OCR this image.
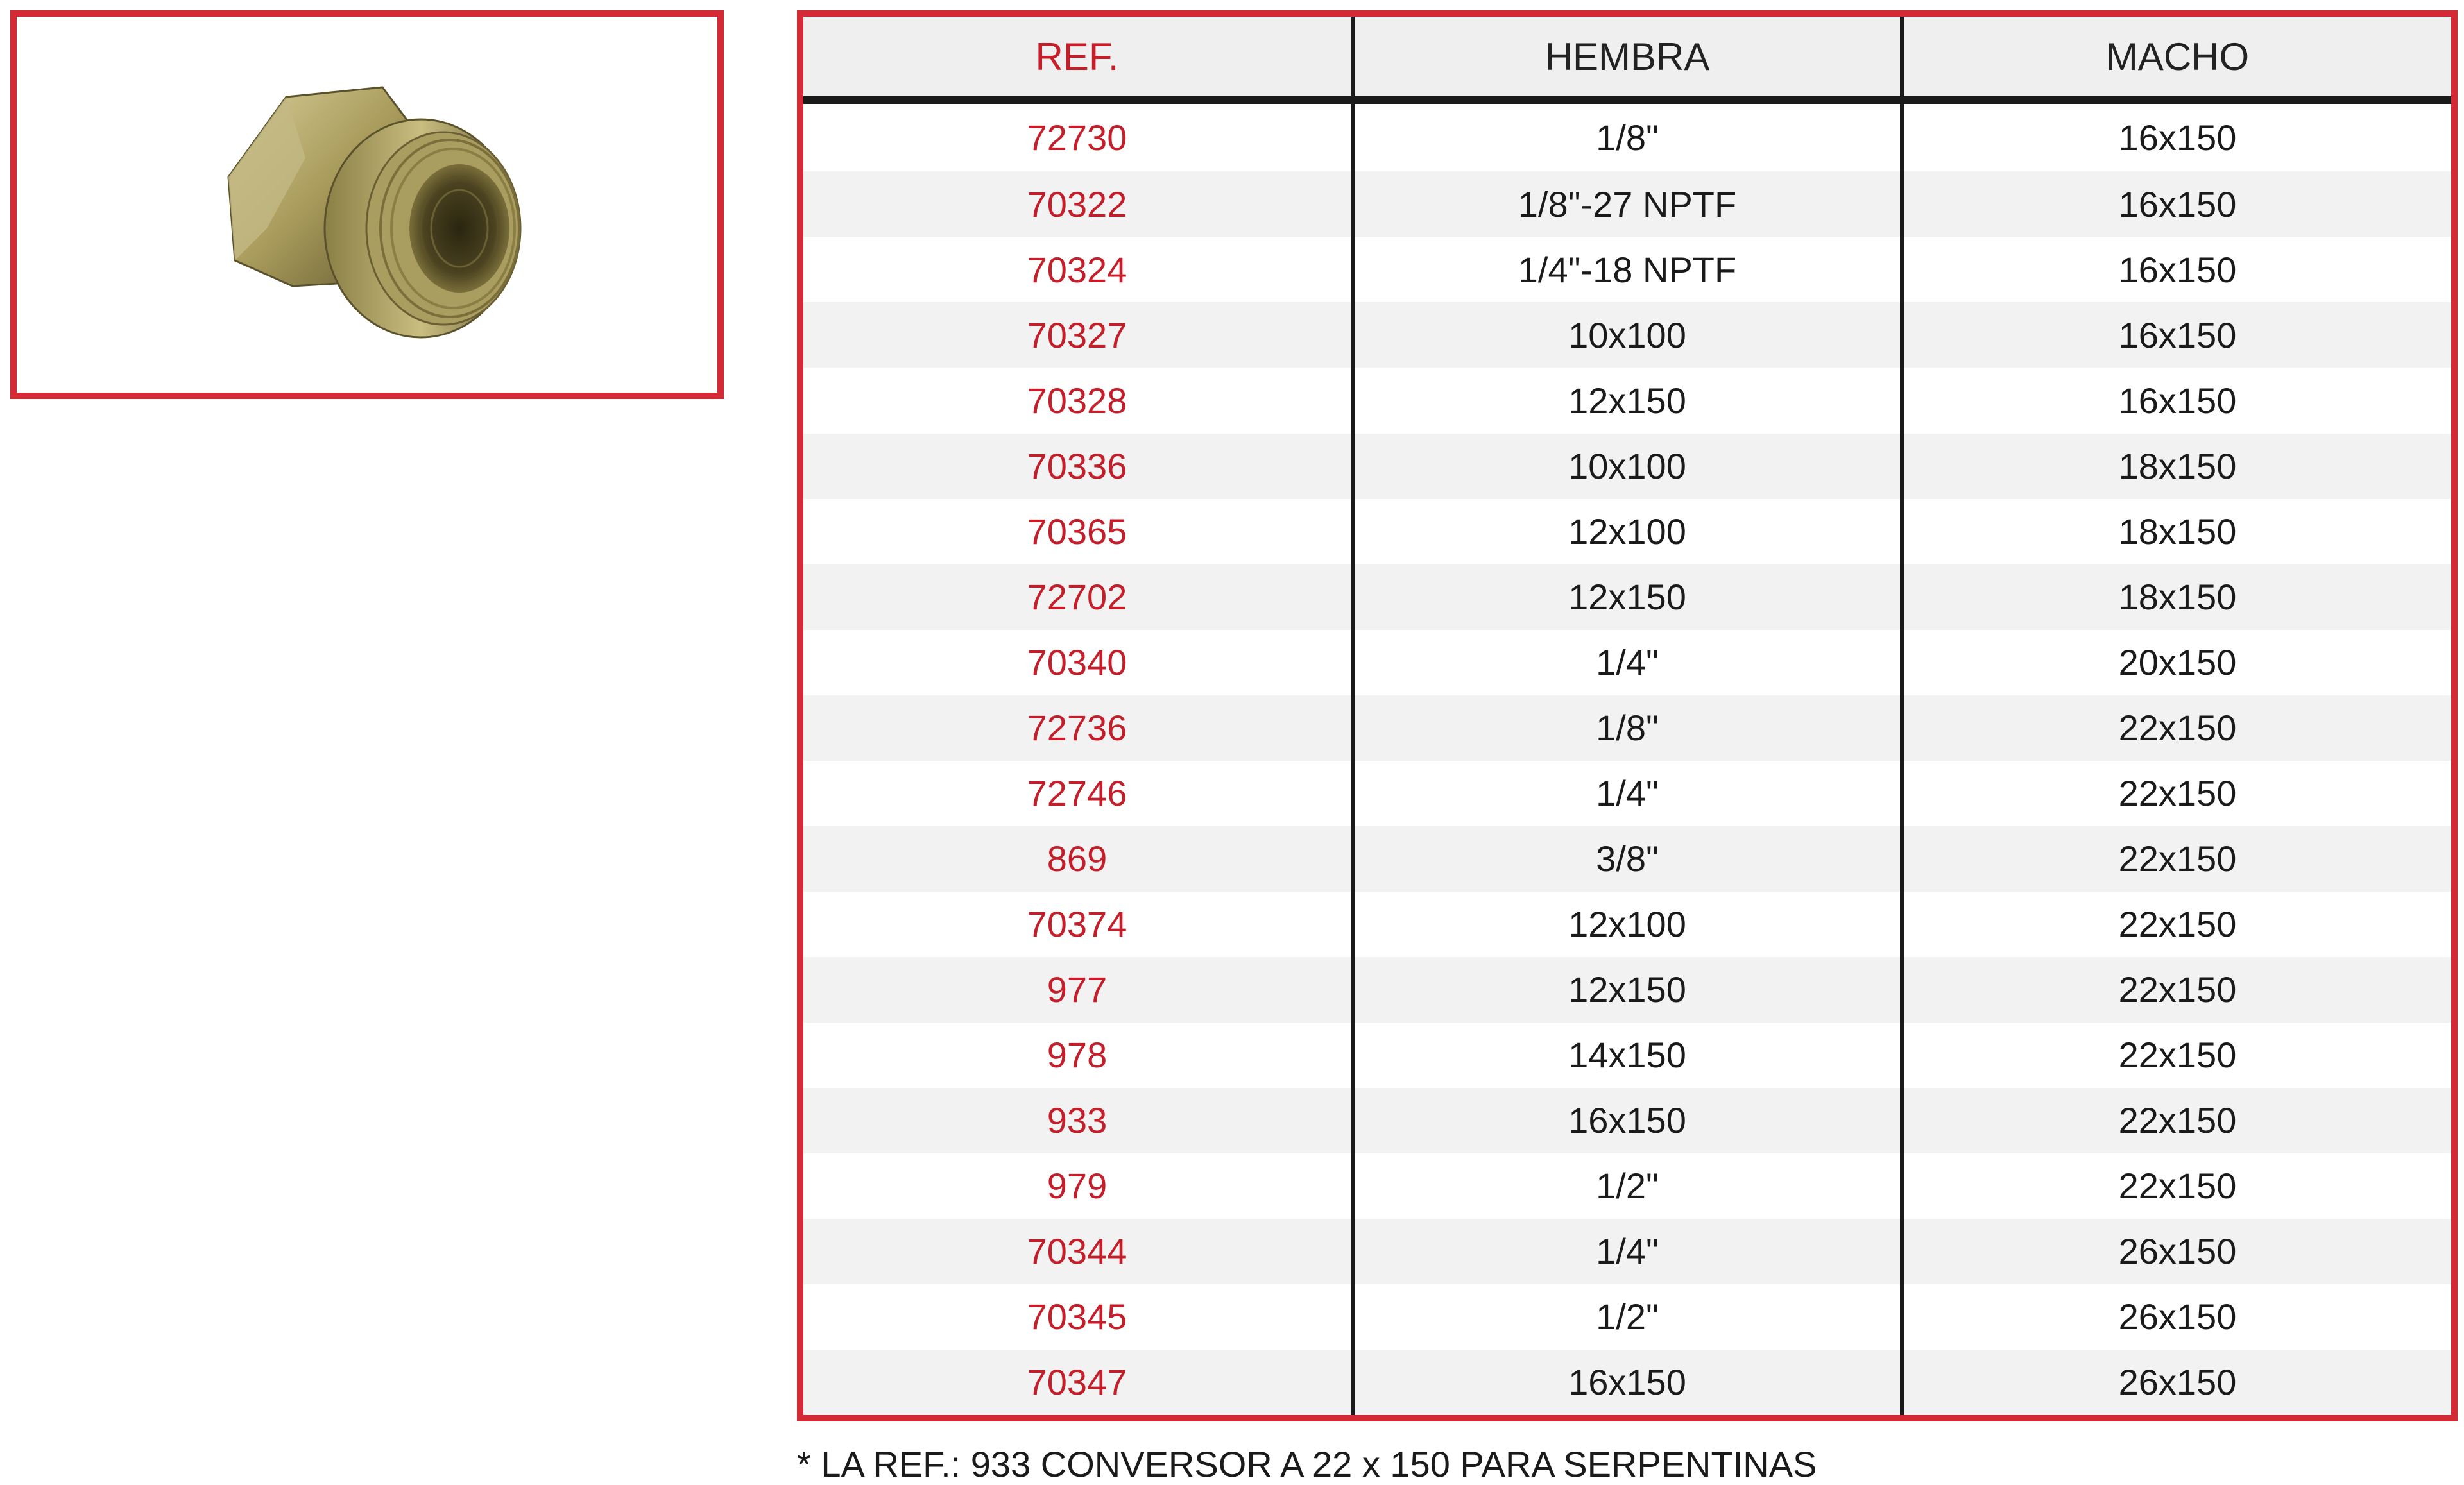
REF.	HEMBRA	MACHO
72730	1/8"	16x150
70322	1/8"-27 NPTF	16x150
70324	1/4"-18 NPTF	16x150
70327	10x100	16x150
70328	12x150	16x150
70336	10x100	18x150
70365	12x100	18x150
72702	12x150	18x150
70340	1/4"	20x150
72736	1/8"	22x150
72746	1/4"	22x150
869	3/8"	22x150
70374	12x100	22x150
977	12x150	22x150
978	14x150	22x150
933	16x150	22x150
979	1/2"	22x150
70344	1/4"	26x150
70345	1/2"	26x150
70347	16x150	26x150
* LA REF.: 933 CONVERSOR A 22 x 150 PARA SERPENTINAS
